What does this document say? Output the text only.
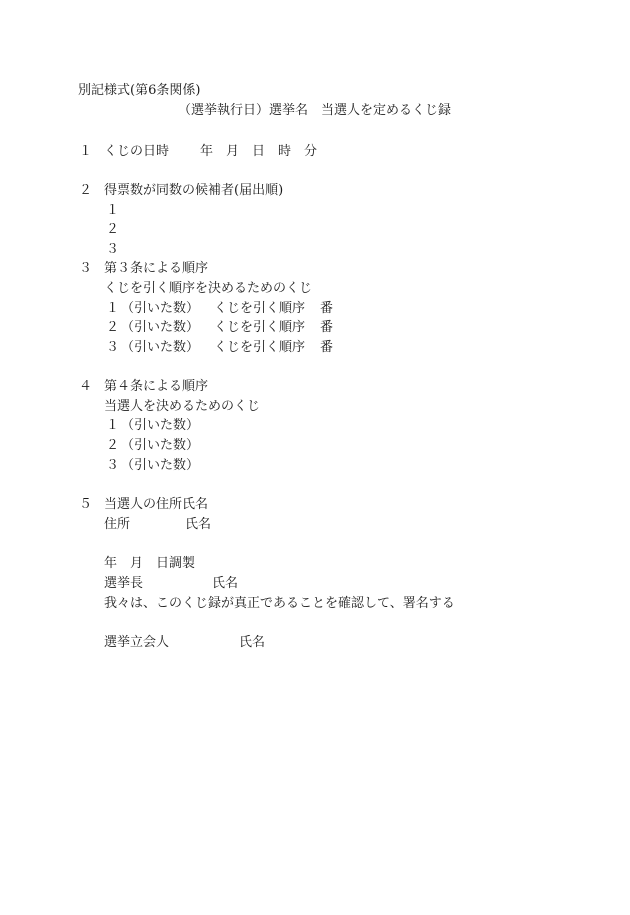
別記様式(第6条関係)
（選挙執行日）選挙名　当選人を定めるくじ録
１ くじの日時 年　月　日　時　分
２ 得票数が同数の候補者(届出順)
１
２
３
３ 第３条による順序
くじを引く順序を決めるためのくじ
１ （引いた数） くじを引く順序 番
２ （引いた数） くじを引く順序 番
３ （引いた数） くじを引く順序 番
４ 第４条による順序
当選人を決めるためのくじ
１ （引いた数）
２ （引いた数）
３ （引いた数）
５ 当選人の住所氏名
住所	氏名
年　月　日調製
選挙長	氏名
我々は、このくじ録が真正であることを確認して、署名する
選挙立会人	氏名
